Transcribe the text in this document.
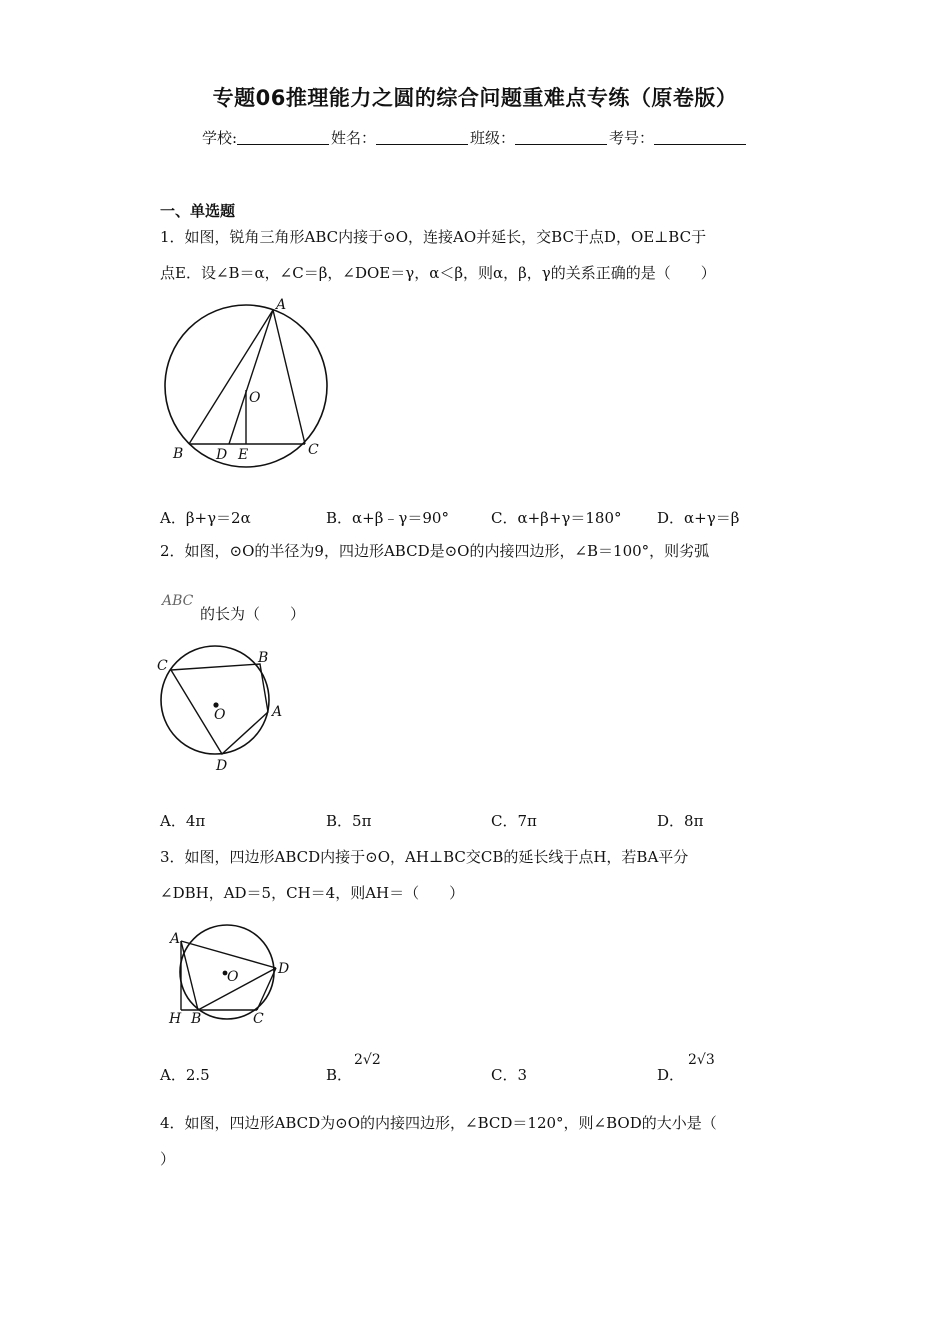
专题06推理能力之圆的综合问题重难点专练（原卷版）
学校:	姓名：	班级：	考号：
一、单选题
1．如图，锐角三角形ABC内接于⊙O，连接AO并延长，交BC于点D，OE⊥BC于
点E．设∠B＝α，∠C＝β，∠DOE＝γ，α＜β，则α，β，γ的关系正确的是（　　）
A
O
B D E	C
A．β+γ＝2α	B．α+β﹣γ＝90°	C．α+β+γ＝180° D．α+γ＝β
2．如图，⊙O的半径为9，四边形ABCD是⊙O的内接四边形，∠B＝100°，则劣弧
ABC
的长为（　　）
C	B
A
O
D
A．4π	B．5π	C．7π	D．8π
3．如图，四边形ABCD内接于⊙O，AH⊥BC交CB的延长线于点H，若BA平分
∠DBH，AD＝5，CH＝4，则AH＝（　　）
A
O	D
H B	C
A．2.5	B．
2√2
C．3	D．
2√3
4．如图，四边形ABCD为⊙O的内接四边形，∠BCD＝120°，则∠BOD的大小是（
）
